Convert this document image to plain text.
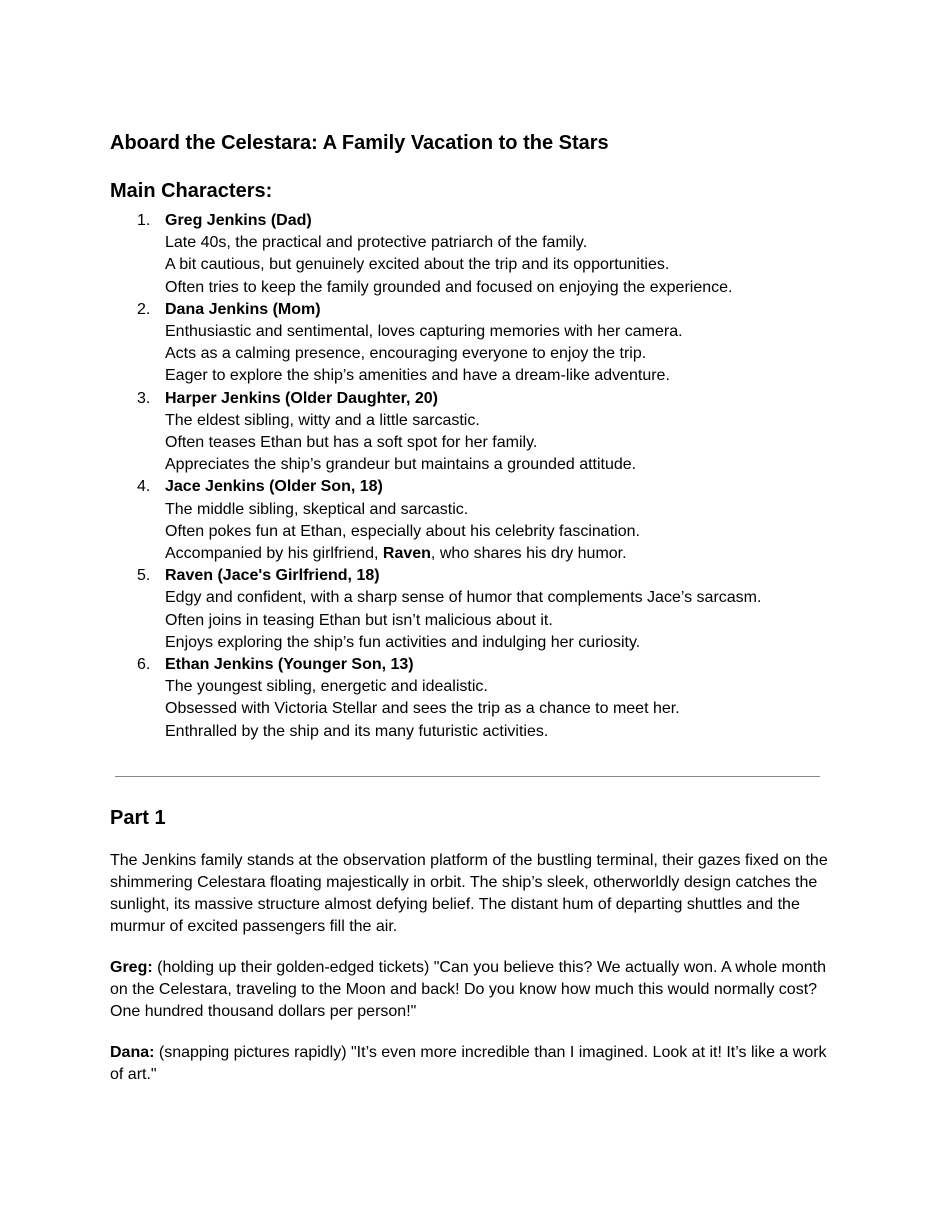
Aboard the Celestara: A Family Vacation to the Stars
Main Characters:
1. Greg Jenkins (Dad)
Late 40s, the practical and protective patriarch of the family.
A bit cautious, but genuinely excited about the trip and its opportunities.
Often tries to keep the family grounded and focused on enjoying the experience.
2. Dana Jenkins (Mom)
Enthusiastic and sentimental, loves capturing memories with her camera.
Acts as a calming presence, encouraging everyone to enjoy the trip.
Eager to explore the ship’s amenities and have a dream-like adventure.
3. Harper Jenkins (Older Daughter, 20)
The eldest sibling, witty and a little sarcastic.
Often teases Ethan but has a soft spot for her family.
Appreciates the ship’s grandeur but maintains a grounded attitude.
4. Jace Jenkins (Older Son, 18)
The middle sibling, skeptical and sarcastic.
Often pokes fun at Ethan, especially about his celebrity fascination.
Accompanied by his girlfriend, Raven, who shares his dry humor.
5. Raven (Jace's Girlfriend, 18)
Edgy and confident, with a sharp sense of humor that complements Jace’s sarcasm.
Often joins in teasing Ethan but isn’t malicious about it.
Enjoys exploring the ship’s fun activities and indulging her curiosity.
6. Ethan Jenkins (Younger Son, 13)
The youngest sibling, energetic and idealistic.
Obsessed with Victoria Stellar and sees the trip as a chance to meet her.
Enthralled by the ship and its many futuristic activities.
Part 1

The Jenkins family stands at the observation platform of the bustling terminal, their gazes fixed on the shimmering Celestara floating majestically in orbit. The ship’s sleek, otherworldly design catches the sunlight, its massive structure almost defying belief. The distant hum of departing shuttles and the murmur of excited passengers fill the air.

Greg: (holding up their golden-edged tickets) "Can you believe this? We actually won. A whole month on the Celestara, traveling to the Moon and back! Do you know how much this would normally cost? One hundred thousand dollars per person!"

Dana: (snapping pictures rapidly) "It’s even more incredible than I imagined. Look at it! It’s like a work of art."
